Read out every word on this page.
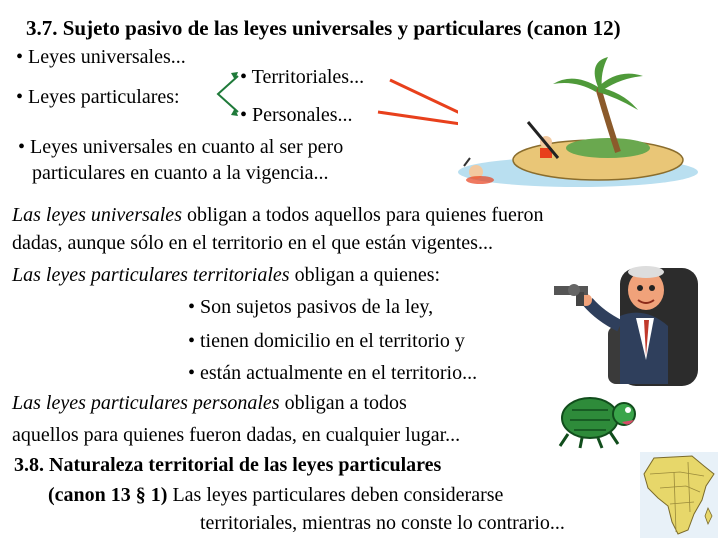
3.7. Sujeto pasivo de las leyes universales y particulares (canon 12)
• Leyes universales...
• Leyes particulares:
• Territoriales...
• Personales...
• Leyes universales en cuanto al ser pero
particulares en cuanto a la vigencia...
Las leyes universales obligan a todos aquellos para quienes fueron
dadas, aunque sólo en el territorio en el que están vigentes...
Las leyes particulares territoriales obligan a quienes:
• Son sujetos pasivos de la ley,
• tienen domicilio en el territorio y
• están actualmente en el territorio...
Las leyes particulares personales obligan a todos
aquellos para quienes fueron dadas, en cualquier lugar...
3.8. Naturaleza territorial de las leyes particulares
(canon 13 § 1) Las leyes particulares deben considerarse
territoriales, mientras no conste lo contrario...
